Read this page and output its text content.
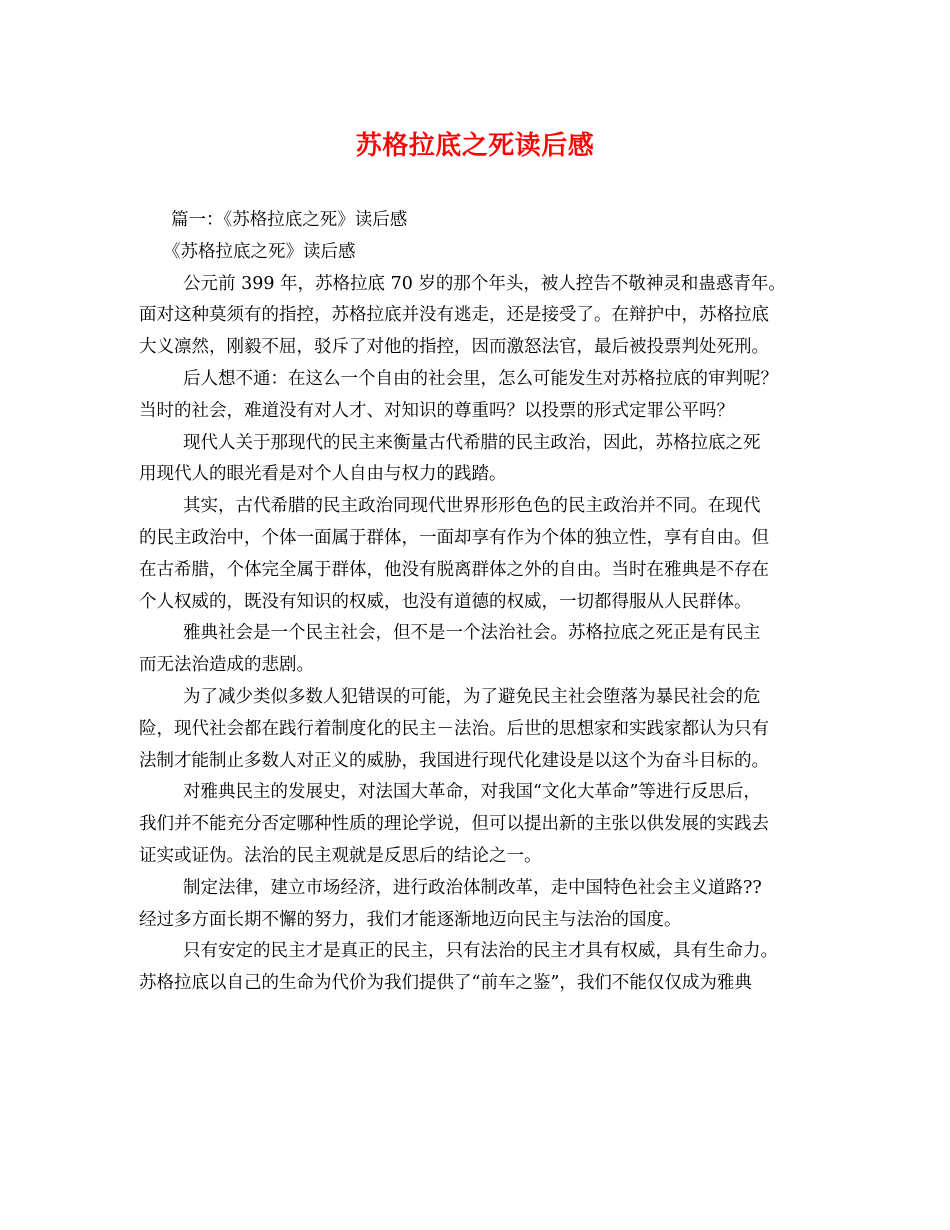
苏格拉底之死读后感
篇一：《苏格拉底之死》读后感
《苏格拉底之死》读后感
公元前 399 年，苏格拉底 70 岁的那个年头，被人控告不敬神灵和蛊惑青年。
面对这种莫须有的指控，苏格拉底并没有逃走，还是接受了。在辩护中，苏格拉底
大义凛然，刚毅不屈，驳斥了对他的指控，因而激怒法官，最后被投票判处死刑。
后人想不通：在这么一个自由的社会里，怎么可能发生对苏格拉底的审判呢？
当时的社会，难道没有对人才、对知识的尊重吗？以投票的形式定罪公平吗？
现代人关于那现代的民主来衡量古代希腊的民主政治，因此，苏格拉底之死
用现代人的眼光看是对个人自由与权力的践踏。
其实，古代希腊的民主政治同现代世界形形色色的民主政治并不同。在现代
的民主政治中，个体一面属于群体，一面却享有作为个体的独立性，享有自由。但
在古希腊，个体完全属于群体，他没有脱离群体之外的自由。当时在雅典是不存在
个人权威的，既没有知识的权威，也没有道德的权威，一切都得服从人民群体。
雅典社会是一个民主社会，但不是一个法治社会。苏格拉底之死正是有民主
而无法治造成的悲剧。
为了减少类似多数人犯错误的可能，为了避免民主社会堕落为暴民社会的危
险，现代社会都在践行着制度化的民主－法治。后世的思想家和实践家都认为只有
法制才能制止多数人对正义的威胁，我国进行现代化建设是以这个为奋斗目标的。
对雅典民主的发展史，对法国大革命，对我国“文化大革命”等进行反思后，
我们并不能充分否定哪种性质的理论学说，但可以提出新的主张以供发展的实践去
证实或证伪。法治的民主观就是反思后的结论之一。
制定法律，建立市场经济，进行政治体制改革，走中国特色社会主义道路??
经过多方面长期不懈的努力，我们才能逐渐地迈向民主与法治的国度。
只有安定的民主才是真正的民主，只有法治的民主才具有权威，具有生命力。
苏格拉底以自己的生命为代价为我们提供了“前车之鉴”，我们不能仅仅成为雅典
